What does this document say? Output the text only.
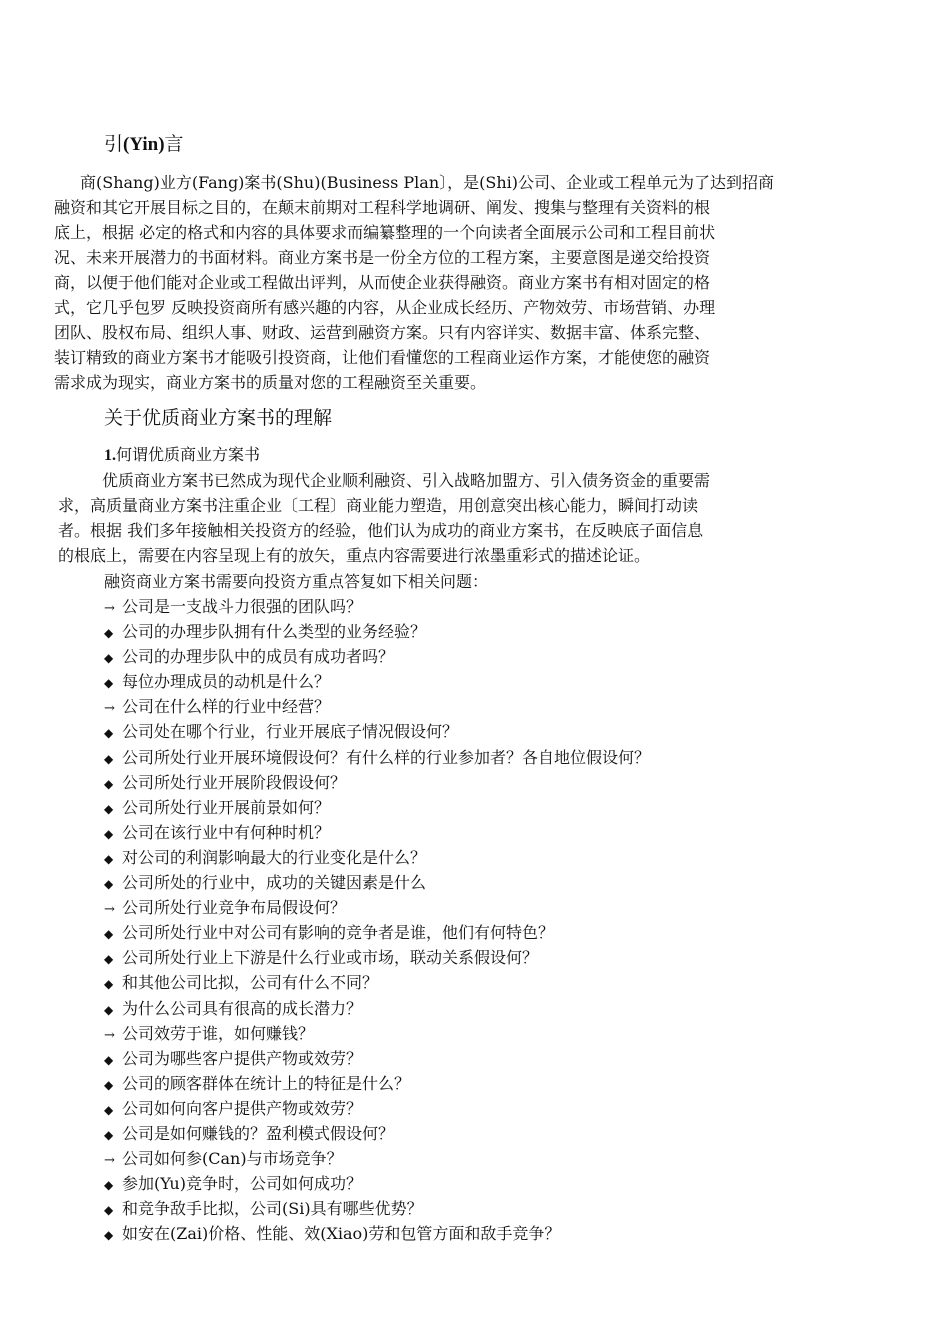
引(Yin)言
商(Shang)业方(Fang)案书(Shu)(Business Plan〕，是(Shi)公司、企业或工程单元为了达到招商
融资和其它开展目标之目的，在颠末前期对工程科学地调研、阐发、搜集与整理有关资料的根
底上，根据 必定的格式和内容的具体要求而编纂整理的一个向读者全面展示公司和工程目前状
况、未来开展潜力的书面材料。商业方案书是一份全方位的工程方案，主要意图是递交给投资
商，以便于他们能对企业或工程做出评判，从而使企业获得融资。商业方案书有相对固定的格
式，它几乎包罗 反映投资商所有感兴趣的内容，从企业成长经历、产物效劳、市场营销、办理
团队、股权布局、组织人事、财政、运营到融资方案。只有内容详实、数据丰富、体系完整、
装订精致的商业方案书才能吸引投资商，让他们看懂您的工程商业运作方案，才能使您的融资
需求成为现实，商业方案书的质量对您的工程融资至关重要。
关于优质商业方案书的理解
1.何谓优质商业方案书
优质商业方案书已然成为现代企业顺利融资、引入战略加盟方、引入债务资金的重要需
求，高质量商业方案书注重企业〔工程〕商业能力塑造，用创意突出核心能力，瞬间打动读
者。根据 我们多年接触相关投资方的经验，他们认为成功的商业方案书，在反映底子面信息
的根底上，需要在内容呈现上有的放矢，重点内容需要进行浓墨重彩式的描述论证。
融资商业方案书需要向投资方重点答复如下相关问题：
→ 公司是一支战斗力很强的团队吗？
◆ 公司的办理步队拥有什么类型的业务经验？
◆ 公司的办理步队中的成员有成功者吗？
◆ 每位办理成员的动机是什么？
→ 公司在什么样的行业中经营？
◆ 公司处在哪个行业，行业开展底子情况假设何？
◆ 公司所处行业开展环境假设何？有什么样的行业参加者？各自地位假设何？
◆ 公司所处行业开展阶段假设何？
◆ 公司所处行业开展前景如何？
◆ 公司在该行业中有何种时机？
◆ 对公司的利润影响最大的行业变化是什么？
◆ 公司所处的行业中，成功的关键因素是什么
→ 公司所处行业竞争布局假设何？
◆ 公司所处行业中对公司有影响的竞争者是谁，他们有何特色？
◆ 公司所处行业上下游是什么行业或市场，联动关系假设何？
◆ 和其他公司比拟，公司有什么不同？
◆ 为什么公司具有很高的成长潜力？
→ 公司效劳于谁，如何赚钱？
◆ 公司为哪些客户提供产物或效劳？
◆ 公司的顾客群体在统计上的特征是什么？
◆ 公司如何向客户提供产物或效劳？
◆ 公司是如何赚钱的？盈利模式假设何？
→ 公司如何参(Can)与市场竞争？
◆ 参加(Yu)竞争时，公司如何成功？
◆ 和竞争敌手比拟，公司(Si)具有哪些优势？
◆ 如安在(Zai)价格、性能、效(Xiao)劳和包管方面和敌手竞争？
